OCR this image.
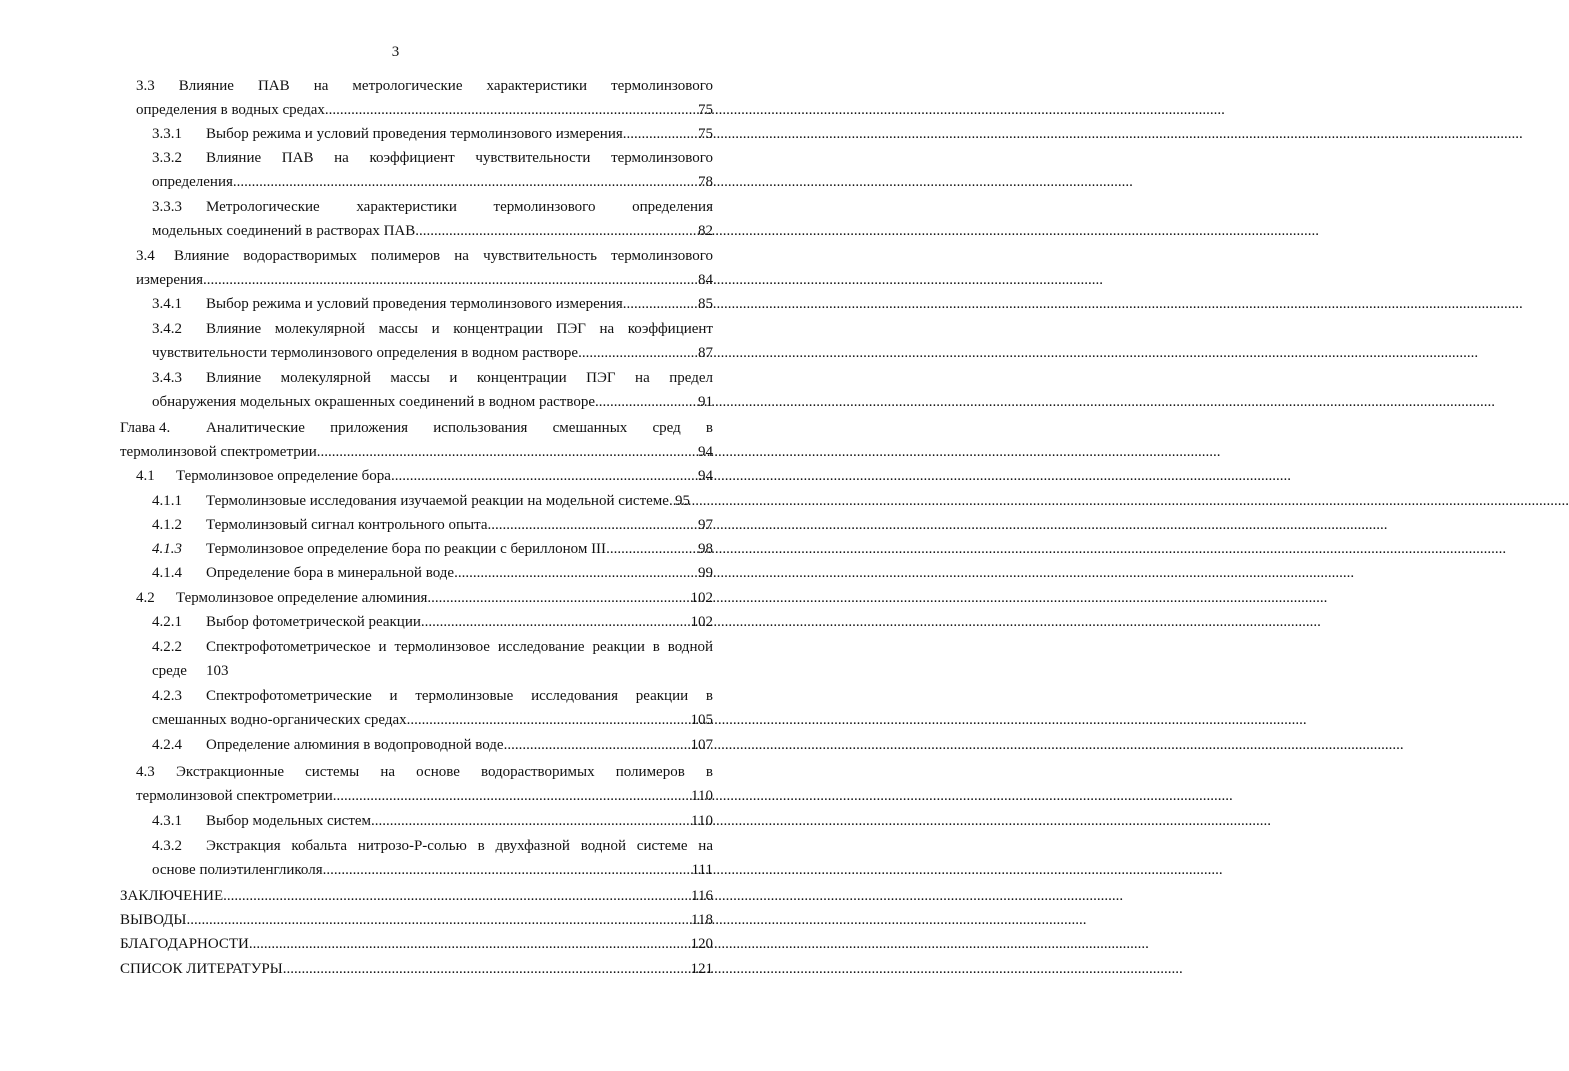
3
3.3 Влияние ПАВ на метрологические характеристики термолинзового
определения в водных средах .....	75
3.3.1	Выбор режима и условий проведения термолинзового измерения .....	75
3.3.2	Влияние ПАВ на коэффициент чувствительности термолинзового
определения .....	78
3.3.3	Метрологические характеристики термолинзового определения
модельных соединений в растворах ПАВ. .....	82
3.4	Влияние водорастворимых полимеров на чувствительность термолинзового
измерения .....	84
3.4.1	Выбор режима и условий проведения термолинзового измерения .....	85
3.4.2	Влияние молекулярной массы и концентрации ПЭГ на коэффициент
чувствительности термолинзового определения в водном растворе .....	87
3.4.3	Влияние молекулярной массы и концентрации ПЭГ на предел
обнаружения модельных окрашенных соединений в водном растворе .....	91
Глава 4.	Аналитические приложения использования смешанных сред в
термолинзовой спектрометрии. .....	94
4.1	Термолинзовое определение бора .....	94
4.1.1	Термолинзовые исследования изучаемой реакции на модельной системе ..... 95
4.1.2	Термолинзовый сигнал контрольного опыта .....	97
4.1.3	Термолинзовое определение бора по реакции с бериллоном III .....	98
4.1.4	Определение бора в минеральной воде .....	99
4.2	Термолинзовое определение алюминия .....	102
4.2.1	Выбор фотометрической реакции .....	102
4.2.2	Спектрофотометрическое и термолинзовое исследование реакции в водной
среде	103
4.2.3	Спектрофотометрические и термолинзовые исследования реакции в
смешанных водно-органических средах .....	105
4.2.4	Определение алюминия в водопроводной воде .....	107
4.3	Экстракционные системы на основе водорастворимых полимеров в
термолинзовой спектрометрии .....	110
4.3.1	Выбор модельных систем .....	110
4.3.2	Экстракция кобальта нитрозо-Р-солью в двухфазной водной системе на
основе полиэтиленгликоля .....	111
ЗАКЛЮЧЕНИЕ .....	116
ВЫВОДЫ .....	118
БЛАГОДАРНОСТИ .....	120
СПИСОК ЛИТЕРАТУРЫ .....	121
